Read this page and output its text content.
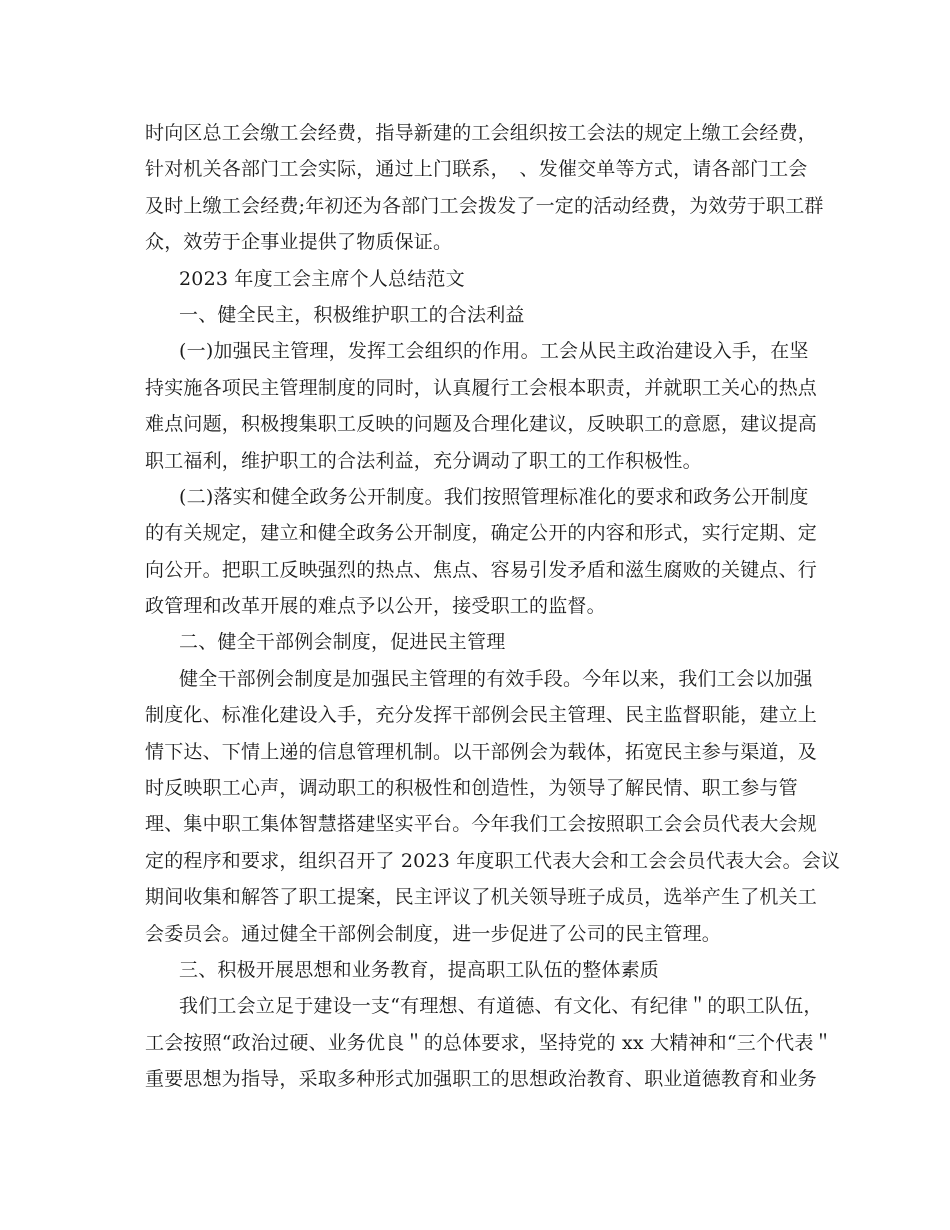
时向区总工会缴工会经费，指导新建的工会组织按工会法的规定上缴工会经费，
针对机关各部门工会实际，通过上门联系，　、发催交单等方式，请各部门工会
及时上缴工会经费;年初还为各部门工会拨发了一定的活动经费，为效劳于职工群
众，效劳于企事业提供了物质保证。
2023 年度工会主席个人总结范文
一、健全民主，积极维护职工的合法利益
(一)加强民主管理，发挥工会组织的作用。工会从民主政治建设入手，在坚
持实施各项民主管理制度的同时，认真履行工会根本职责，并就职工关心的热点
难点问题，积极搜集职工反映的问题及合理化建议，反映职工的意愿，建议提高
职工福利，维护职工的合法利益，充分调动了职工的工作积极性。
(二)落实和健全政务公开制度。我们按照管理标准化的要求和政务公开制度
的有关规定，建立和健全政务公开制度，确定公开的内容和形式，实行定期、定
向公开。把职工反映强烈的热点、焦点、容易引发矛盾和滋生腐败的关键点、行
政管理和改革开展的难点予以公开，接受职工的监督。
二、健全干部例会制度，促进民主管理
健全干部例会制度是加强民主管理的有效手段。今年以来，我们工会以加强
制度化、标准化建设入手，充分发挥干部例会民主管理、民主监督职能，建立上
情下达、下情上递的信息管理机制。以干部例会为载体，拓宽民主参与渠道，及
时反映职工心声，调动职工的积极性和创造性，为领导了解民情、职工参与管
理、集中职工集体智慧搭建坚实平台。今年我们工会按照职工会会员代表大会规
定的程序和要求，组织召开了 2023 年度职工代表大会和工会会员代表大会。会议
期间收集和解答了职工提案，民主评议了机关领导班子成员，选举产生了机关工
会委员会。通过健全干部例会制度，进一步促进了公司的民主管理。
三、积极开展思想和业务教育，提高职工队伍的整体素质
我们工会立足于建设一支“有理想、有道德、有文化、有纪律＂的职工队伍，
工会按照“政治过硬、业务优良＂的总体要求，坚持党的 xx 大精神和“三个代表＂
重要思想为指导，采取多种形式加强职工的思想政治教育、职业道德教育和业务
